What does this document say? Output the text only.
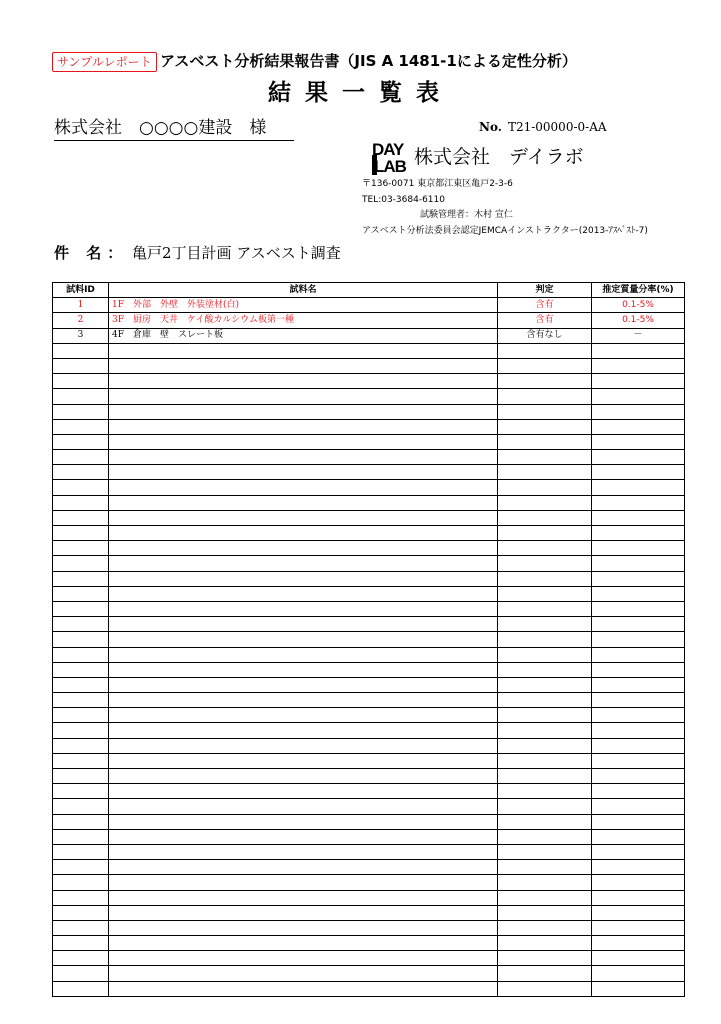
サンプルレポート アスベスト分析結果報告書（JIS A 1481-1による定性分析）
結果一覧表
株式会社　○○○○建設　様	No. T21-00000-0-AA
DAY
LAB 株式会社　デイラボ
〒136-0071 東京都江東区亀戸2-3-6
TEL:03-3684-6110
試験管理者：木村 宣仁
アスベスト分析法委員会認定JEMCAインストラクター(2013-ｱｽﾍﾞｽﾄ-7)
件 名： 亀戸2丁目計画 アスベスト調査
試料ID	試料名	判定	推定質量分率(%)
1	1F　外部　外壁　外装塗材(白)	含有	0.1-5%
2	3F　厨房　天井　ケイ酸カルシウム板第一種	含有	0.1-5%
3	4F　倉庫　壁　スレート板	含有なし	－
